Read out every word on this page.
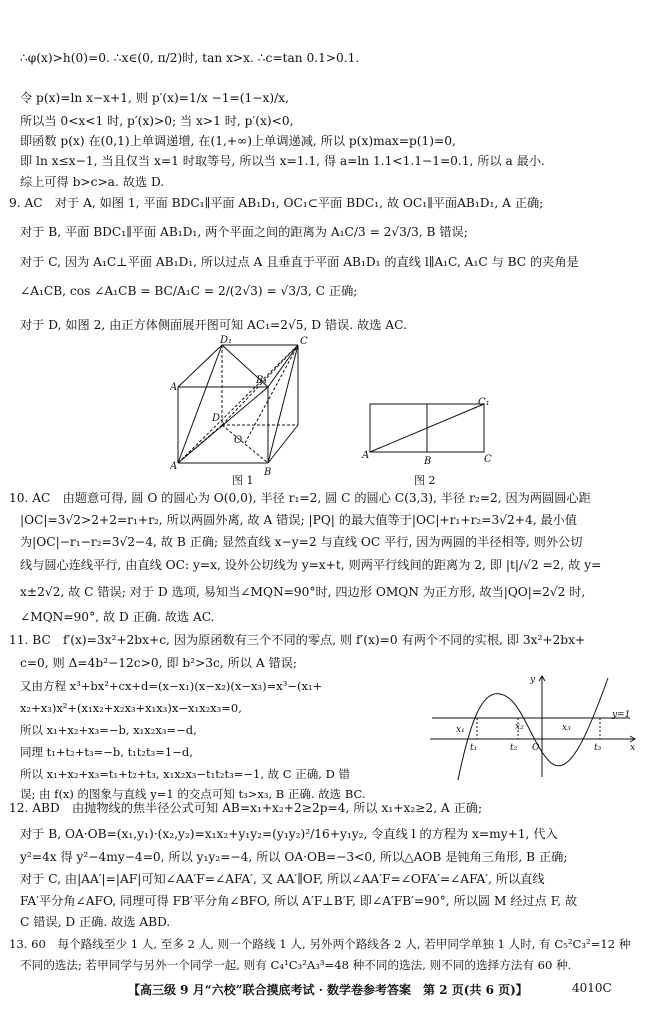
∴φ(x)>h(0)=0. ∴x∈(0, π/2)时, tan x>x. ∴c=tan 0.1>0.1.
令 p(x)=ln x−x+1, 则 p′(x)=1/x −1=(1−x)/x,
所以当 0<x<1 时, p′(x)>0; 当 x>1 时, p′(x)<0,
即函数 p(x) 在(0,1)上单调递增, 在(1,+∞)上单调递减, 所以 p(x)max=p(1)=0,
即 ln x≤x−1, 当且仅当 x=1 时取等号, 所以当 x=1.1, 得 a=ln 1.1<1.1−1=0.1, 所以 a 最小.
综上可得 b>c>a. 故选 D.
9. AC　对于 A, 如图 1, 平面 BDC₁∥平面 AB₁D₁, OC₁⊂平面 BDC₁, 故 OC₁∥平面AB₁D₁, A 正确;
对于 B, 平面 BDC₁∥平面 AB₁D₁, 两个平面之间的距离为 A₁C/3 = 2√3/3, B 错误;
对于 C, 因为 A₁C⊥平面 AB₁D₁, 所以过点 A 且垂直于平面 AB₁D₁ 的直线 l∥A₁C, A₁C 与 BC 的夹角是
∠A₁CB, cos ∠A₁CB = BC/A₁C = 2/(2√3) = √3/3, C 正确;
对于 D, 如图 2, 由正方体侧面展开图可知 AC₁=2√5, D 错误. 故选 AC.
D₁	C
A
B₁
D
O
A
B
图 1
C₁
A
B	C
图 2
10. AC　由题意可得, 圆 O 的圆心为 O(0,0), 半径 r₁=2, 圆 C 的圆心 C(3,3), 半径 r₂=2, 因为两圆圆心距
|OC|=3√2>2+2=r₁+r₂, 所以两圆外离, 故 A 错误; |PQ| 的最大值等于|OC|+r₁+r₂=3√2+4, 最小值
为|OC|−r₁−r₂=3√2−4, 故 B 正确; 显然直线 x−y=2 与直线 OC 平行, 因为两圆的半径相等, 则外公切
线与圆心连线平行, 由直线 OC: y=x, 设外公切线为 y=x+t, 则两平行线间的距离为 2, 即 |t|/√2 =2, 故 y=
x±2√2, 故 C 错误; 对于 D 选项, 易知当∠MQN=90°时, 四边形 OMQN 为正方形, 故当|QO|=2√2 时,
∠MQN=90°, 故 D 正确. 故选 AC.
11. BC　f′(x)=3x²+2bx+c, 因为原函数有三个不同的零点, 则 f′(x)=0 有两个不同的实根, 即 3x²+2bx+
c=0, 则 Δ=4b²−12c>0, 即 b²>3c, 所以 A 错误;
又由方程 x³+bx²+cx+d=(x−x₁)(x−x₂)(x−x₃)=x³−(x₁+
x₂+x₃)x²+(x₁x₂+x₂x₃+x₁x₃)x−x₁x₂x₃=0,
所以 x₁+x₂+x₃=−b, x₁x₂x₃=−d,
同理 t₁+t₂+t₃=−b, t₁t₂t₃=1−d,
所以 x₁+x₂+x₃=t₁+t₂+t₃, x₁x₂x₃−t₁t₂t₃=−1, 故 C 正确, D 错
误; 由 f(x) 的图象与直线 y=1 的交点可知 t₃>x₃, B 正确. 故选 BC.
y
y=1
x₁	x₂	x₃
t₁	t₂ O	t₃	x
12. ABD　由抛物线的焦半径公式可知 AB=x₁+x₂+2≥2p=4, 所以 x₁+x₂≥2, A 正确;
对于 B, OA·OB=(x₁,y₁)·(x₂,y₂)=x₁x₂+y₁y₂=(y₁y₂)²/16+y₁y₂, 令直线 l 的方程为 x=my+1, 代入
y²=4x 得 y²−4my−4=0, 所以 y₁y₂=−4, 所以 OA·OB=−3<0, 所以△AOB 是钝角三角形, B 正确;
对于 C, 由|AA′|=|AF|可知∠AA′F=∠AFA′, 又 AA′∥OF, 所以∠AA′F=∠OFA′=∠AFA′, 所以直线
FA′平分角∠AFO, 同理可得 FB′平分角∠BFO, 所以 A′F⊥B′F, 即∠A′FB′=90°, 所以圆 M 经过点 F, 故
C 错误, D 正确. 故选 ABD.
13. 60　每个路线至少 1 人, 至多 2 人, 则一个路线 1 人, 另外两个路线各 2 人, 若甲同学单独 1 人时, 有 C₅²C₃²=12 种
不同的选法; 若甲同学与另外一个同学一起, 则有 C₄¹C₃²A₃³=48 种不同的选法, 则不同的选择方法有 60 种.
【高三级 9 月“六校”联合摸底考试 · 数学卷参考答案　第 2 页(共 6 页)】	4010C
